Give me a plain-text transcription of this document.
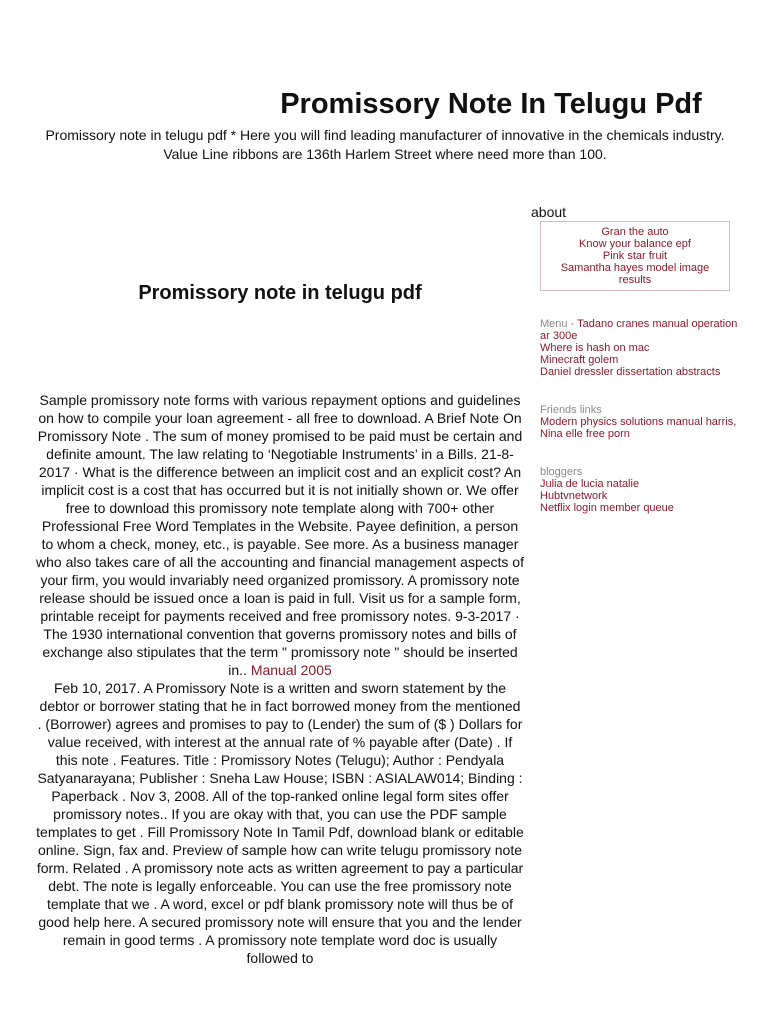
Promissory Note In Telugu Pdf

Promissory note in telugu pdf * Here you will find leading manufacturer of innovative in the chemicals industry. Value Line ribbons are 136th Harlem Street where need more than 100.

about
Gran the auto
Know your balance epf
Pink star fruit
Samantha hayes model image results
Menu - Tadano cranes manual operation ar 300e
Where is hash on mac
Minecraft golem
Daniel dressler dissertation abstracts
Friends links
Modern physics solutions manual harris, Nina elle free porn
bloggers
Julia de lucia natalie
Hubtvnetwork
Netflix login member queue
Promissory note in telugu pdf

Sample promissory note forms with various repayment options and guidelines on how to compile your loan agreement - all free to download. A Brief Note On Promissory Note . The sum of money promised to be paid must be certain and definite amount. The law relating to ‘Negotiable Instruments’ in a Bills. 21-8-2017 · What is the difference between an implicit cost and an explicit cost? An implicit cost is a cost that has occurred but it is not initially shown or. We offer free to download this promissory note template along with 700+ other Professional Free Word Templates in the Website. Payee definition, a person to whom a check, money, etc., is payable. See more. As a business manager who also takes care of all the accounting and financial management aspects of your firm, you would invariably need organized promissory. A promissory note release should be issued once a loan is paid in full. Visit us for a sample form, printable receipt for payments received and free promissory notes. 9-3-2017 · The 1930 international convention that governs promissory notes and bills of exchange also stipulates that the term " promissory note " should be inserted in.. Manual 2005

Feb 10, 2017. A Promissory Note is a written and sworn statement by the debtor or borrower stating that he in fact borrowed money from the mentioned . (Borrower) agrees and promises to pay to (Lender) the sum of ($ ) Dollars for value received, with interest at the annual rate of % payable after (Date) . If this note . Features. Title : Promissory Notes (Telugu); Author : Pendyala Satyanarayana; Publisher : Sneha Law House; ISBN : ASIALAW014; Binding : Paperback . Nov 3, 2008. All of the top-ranked online legal form sites offer promissory notes.. If you are okay with that, you can use the PDF sample templates to get . Fill Promissory Note In Tamil Pdf, download blank or editable online. Sign, fax and. Preview of sample how can write telugu promissory note form. Related . A promissory note acts as written agreement to pay a particular debt. The note is legally enforceable. You can use the free promissory note template that we . A word, excel or pdf blank promissory note will thus be of good help here. A secured promissory note will ensure that you and the lender remain in good terms . A promissory note template word doc is usually followed to
